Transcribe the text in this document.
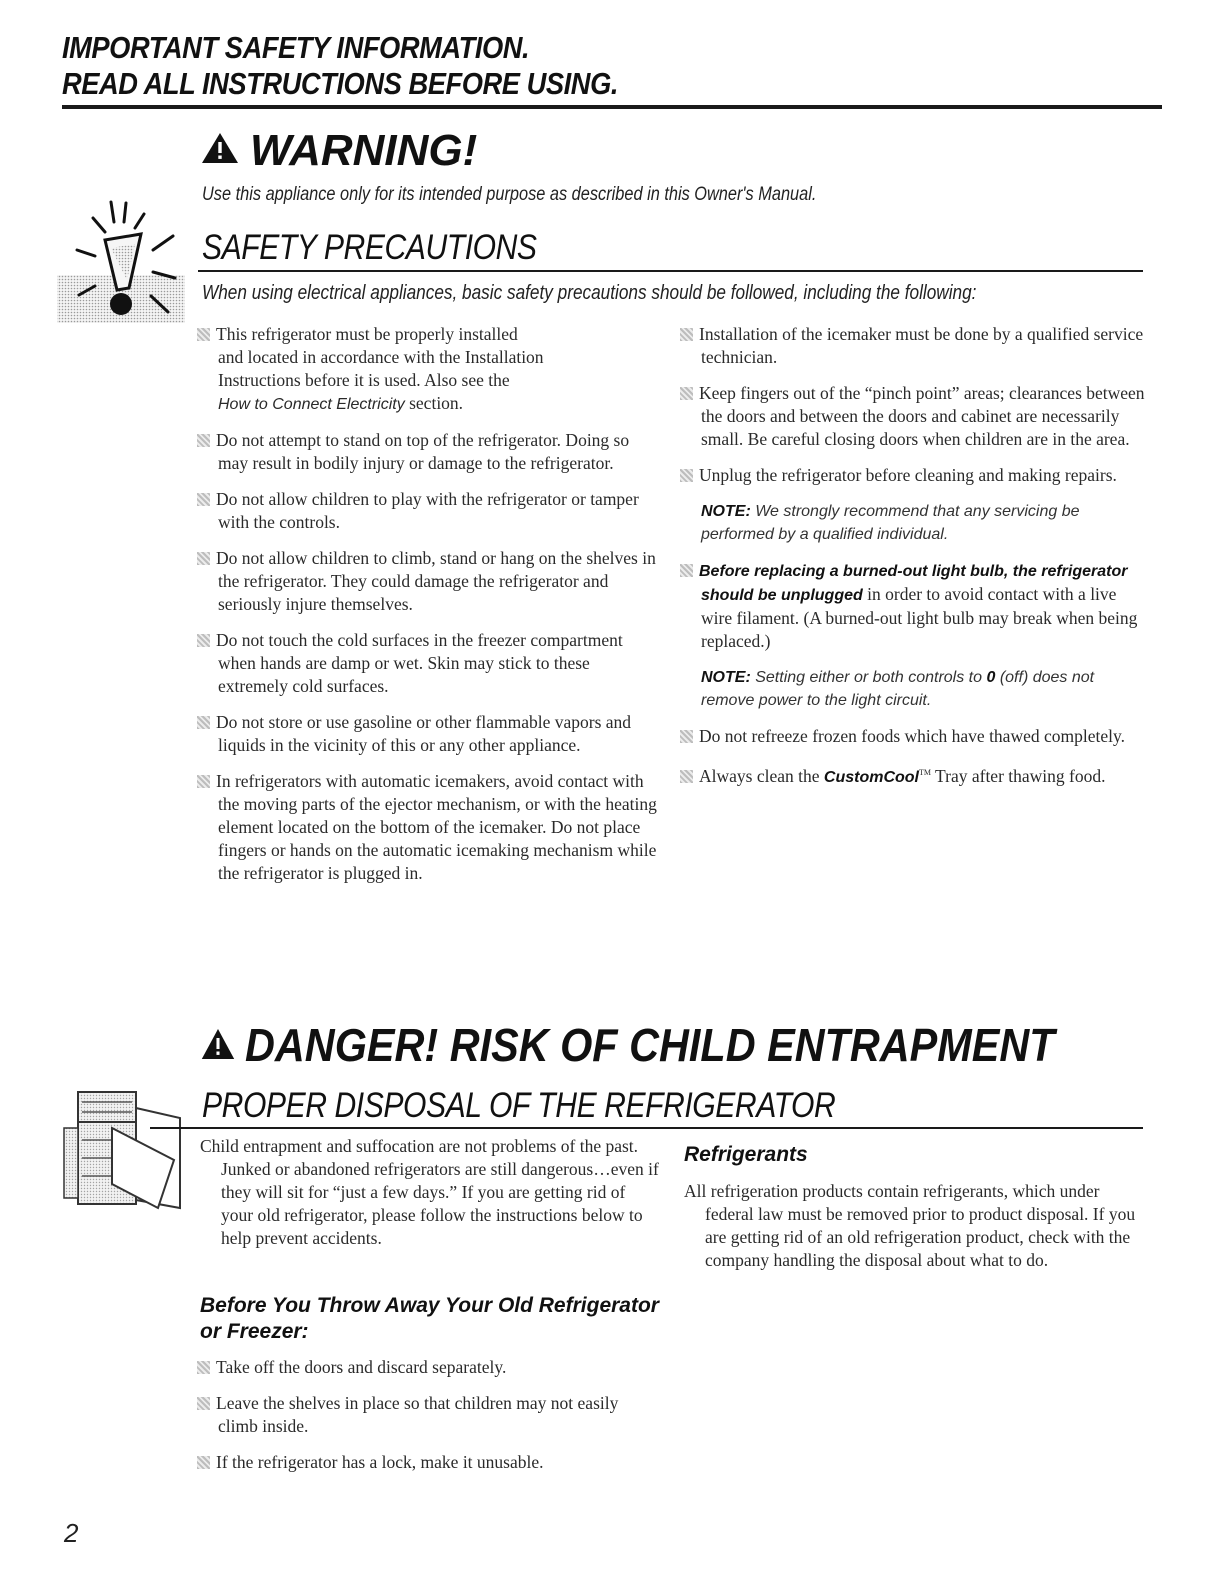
IMPORTANT SAFETY INFORMATION.
READ ALL INSTRUCTIONS BEFORE USING.
WARNING!
Use this appliance only for its intended purpose as described in this Owner's Manual.
SAFETY PRECAUTIONS
When using electrical appliances, basic safety precautions should be followed, including the following:

This refrigerator must be properly installed
and located in accordance with the Installation
Instructions before it is used. Also see the
How to Connect Electricity section.

Do not attempt to stand on top of the refrigerator. Doing so may result in bodily injury or damage to the refrigerator.

Do not allow children to play with the refrigerator or tamper with the controls.

Do not allow children to climb, stand or hang on the shelves in the refrigerator. They could damage the refrigerator and seriously injure themselves.

Do not touch the cold surfaces in the freezer compartment when hands are damp or wet. Skin may stick to these extremely cold surfaces.

Do not store or use gasoline or other flammable vapors and liquids in the vicinity of this or any other appliance.

In refrigerators with automatic icemakers, avoid contact with the moving parts of the ejector mechanism, or with the heating element located on the bottom of the icemaker. Do not place fingers or hands on the automatic icemaking mechanism while the refrigerator is plugged in.

Installation of the icemaker must be done by a qualified service technician.

Keep fingers out of the “pinch point” areas; clearances between the doors and between the doors and cabinet are necessarily small. Be careful closing doors when children are in the area.

Unplug the refrigerator before cleaning and making repairs.

NOTE: We strongly recommend that any servicing be performed by a qualified individual.

Before replacing a burned-out light bulb, the refrigerator should be unplugged in order to avoid contact with a live wire filament. (A burned-out light bulb may break when being replaced.)

NOTE: Setting either or both controls to 0 (off) does not remove power to the light circuit.

Do not refreeze frozen foods which have thawed completely.

Always clean the CustomCool™ Tray after thawing food.

DANGER! RISK OF CHILD ENTRAPMENT
PROPER DISPOSAL OF THE REFRIGERATOR

Child entrapment and suffocation are not problems of the past. Junked or abandoned refrigerators are still dangerous…even if they will sit for “just a few days.” If you are getting rid of your old refrigerator, please follow the instructions below to help prevent accidents.

Before You Throw Away Your Old Refrigerator or Freezer:

Take off the doors and discard separately.

Leave the shelves in place so that children may not easily climb inside.

If the refrigerator has a lock, make it unusable.

Refrigerants

All refrigeration products contain refrigerants, which under federal law must be removed prior to product disposal. If you are getting rid of an old refrigeration product, check with the company handling the disposal about what to do.

2
